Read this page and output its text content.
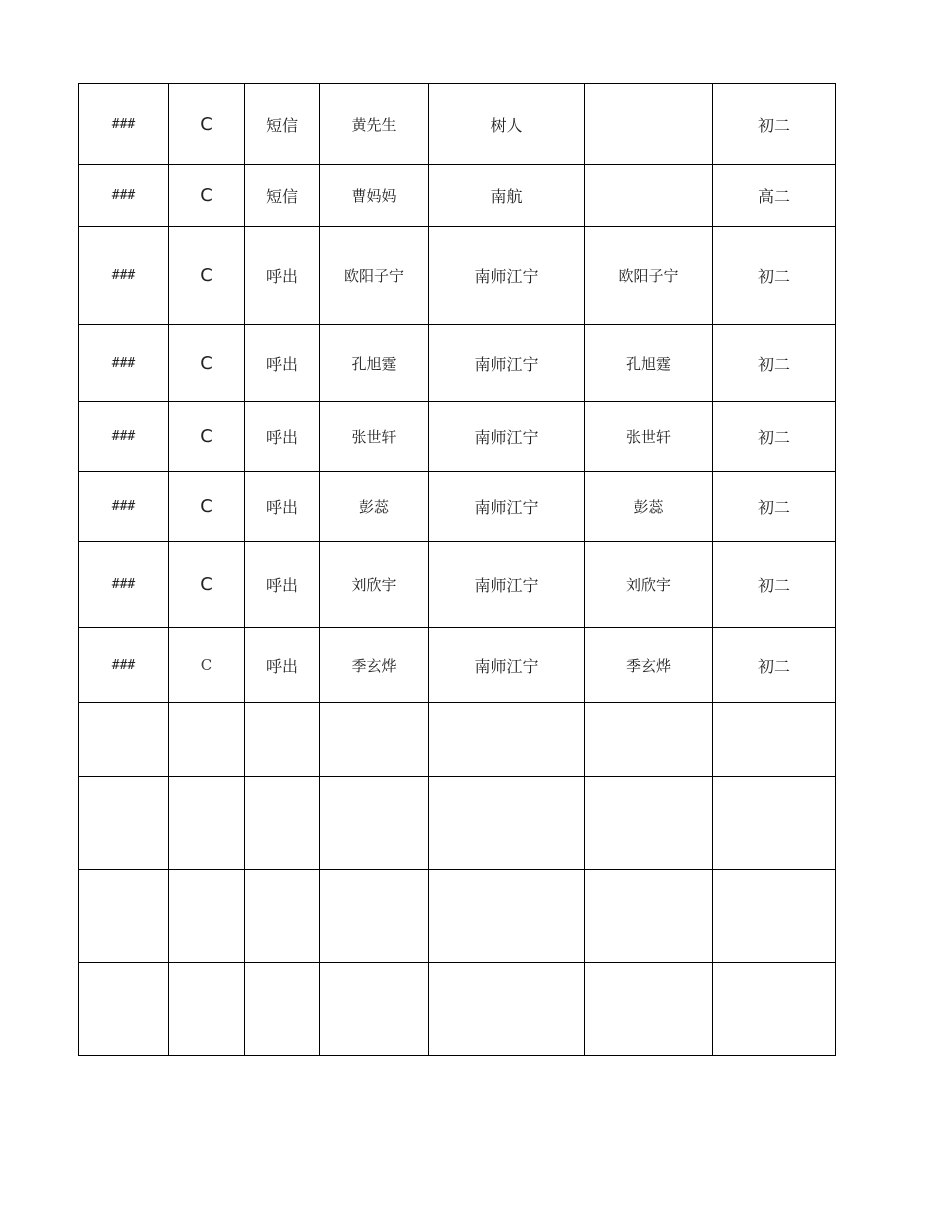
###	C	短信	黄先生	树人		初二
###	C	短信	曹妈妈	南航		高二
###	C	呼出	欧阳子宁	南师江宁	欧阳子宁	初二
###	C	呼出	孔旭霆	南师江宁	孔旭霆	初二
###	C	呼出	张世轩	南师江宁	张世轩	初二
###	C	呼出	彭蕊	南师江宁	彭蕊	初二
###	C	呼出	刘欣宇	南师江宁	刘欣宇	初二
###	C	呼出	季玄烨	南师江宁	季玄烨	初二
